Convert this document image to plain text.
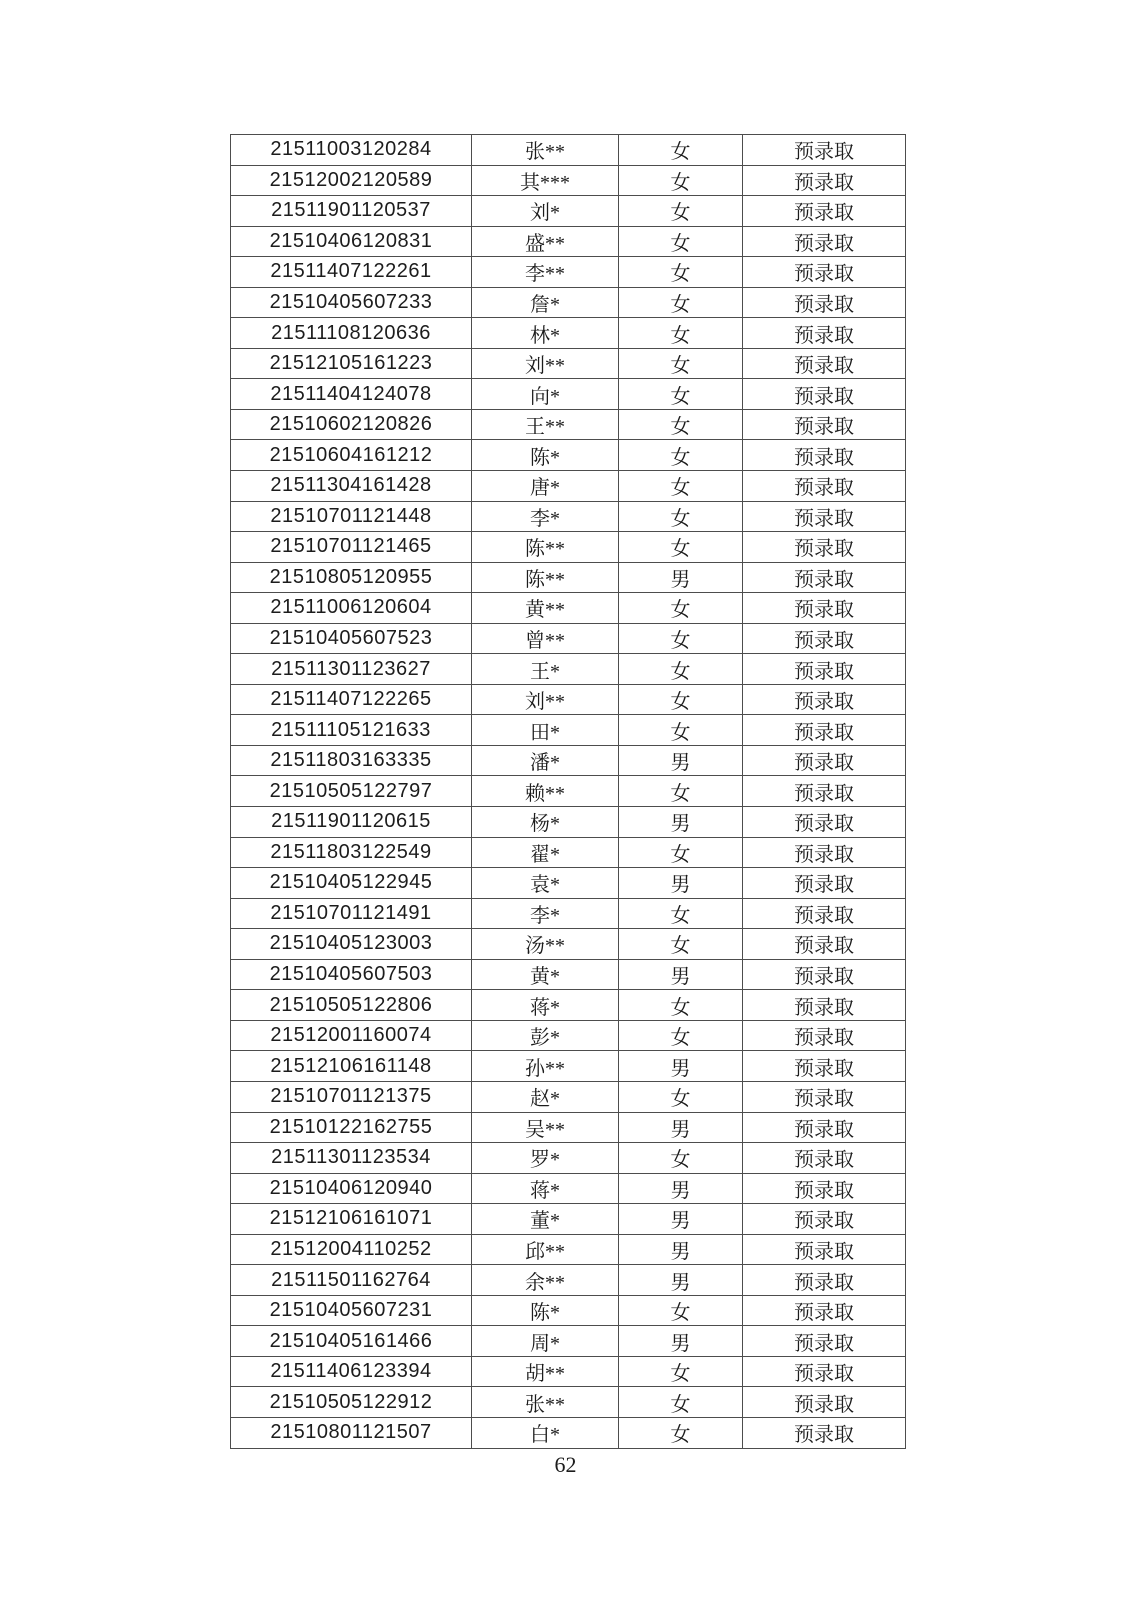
21511003120284	张**	女	预录取
21512002120589	其***	女	预录取
21511901120537	刘*	女	预录取
21510406120831	盛**	女	预录取
21511407122261	李**	女	预录取
21510405607233	詹*	女	预录取
21511108120636	林*	女	预录取
21512105161223	刘**	女	预录取
21511404124078	向*	女	预录取
21510602120826	王**	女	预录取
21510604161212	陈*	女	预录取
21511304161428	唐*	女	预录取
21510701121448	李*	女	预录取
21510701121465	陈**	女	预录取
21510805120955	陈**	男	预录取
21511006120604	黄**	女	预录取
21510405607523	曾**	女	预录取
21511301123627	王*	女	预录取
21511407122265	刘**	女	预录取
21511105121633	田*	女	预录取
21511803163335	潘*	男	预录取
21510505122797	赖**	女	预录取
21511901120615	杨*	男	预录取
21511803122549	翟*	女	预录取
21510405122945	袁*	男	预录取
21510701121491	李*	女	预录取
21510405123003	汤**	女	预录取
21510405607503	黄*	男	预录取
21510505122806	蒋*	女	预录取
21512001160074	彭*	女	预录取
21512106161148	孙**	男	预录取
21510701121375	赵*	女	预录取
21510122162755	吴**	男	预录取
21511301123534	罗*	女	预录取
21510406120940	蒋*	男	预录取
21512106161071	董*	男	预录取
21512004110252	邱**	男	预录取
21511501162764	余**	男	预录取
21510405607231	陈*	女	预录取
21510405161466	周*	男	预录取
21511406123394	胡**	女	预录取
21510505122912	张**	女	预录取
21510801121507	白*	女	预录取
62
